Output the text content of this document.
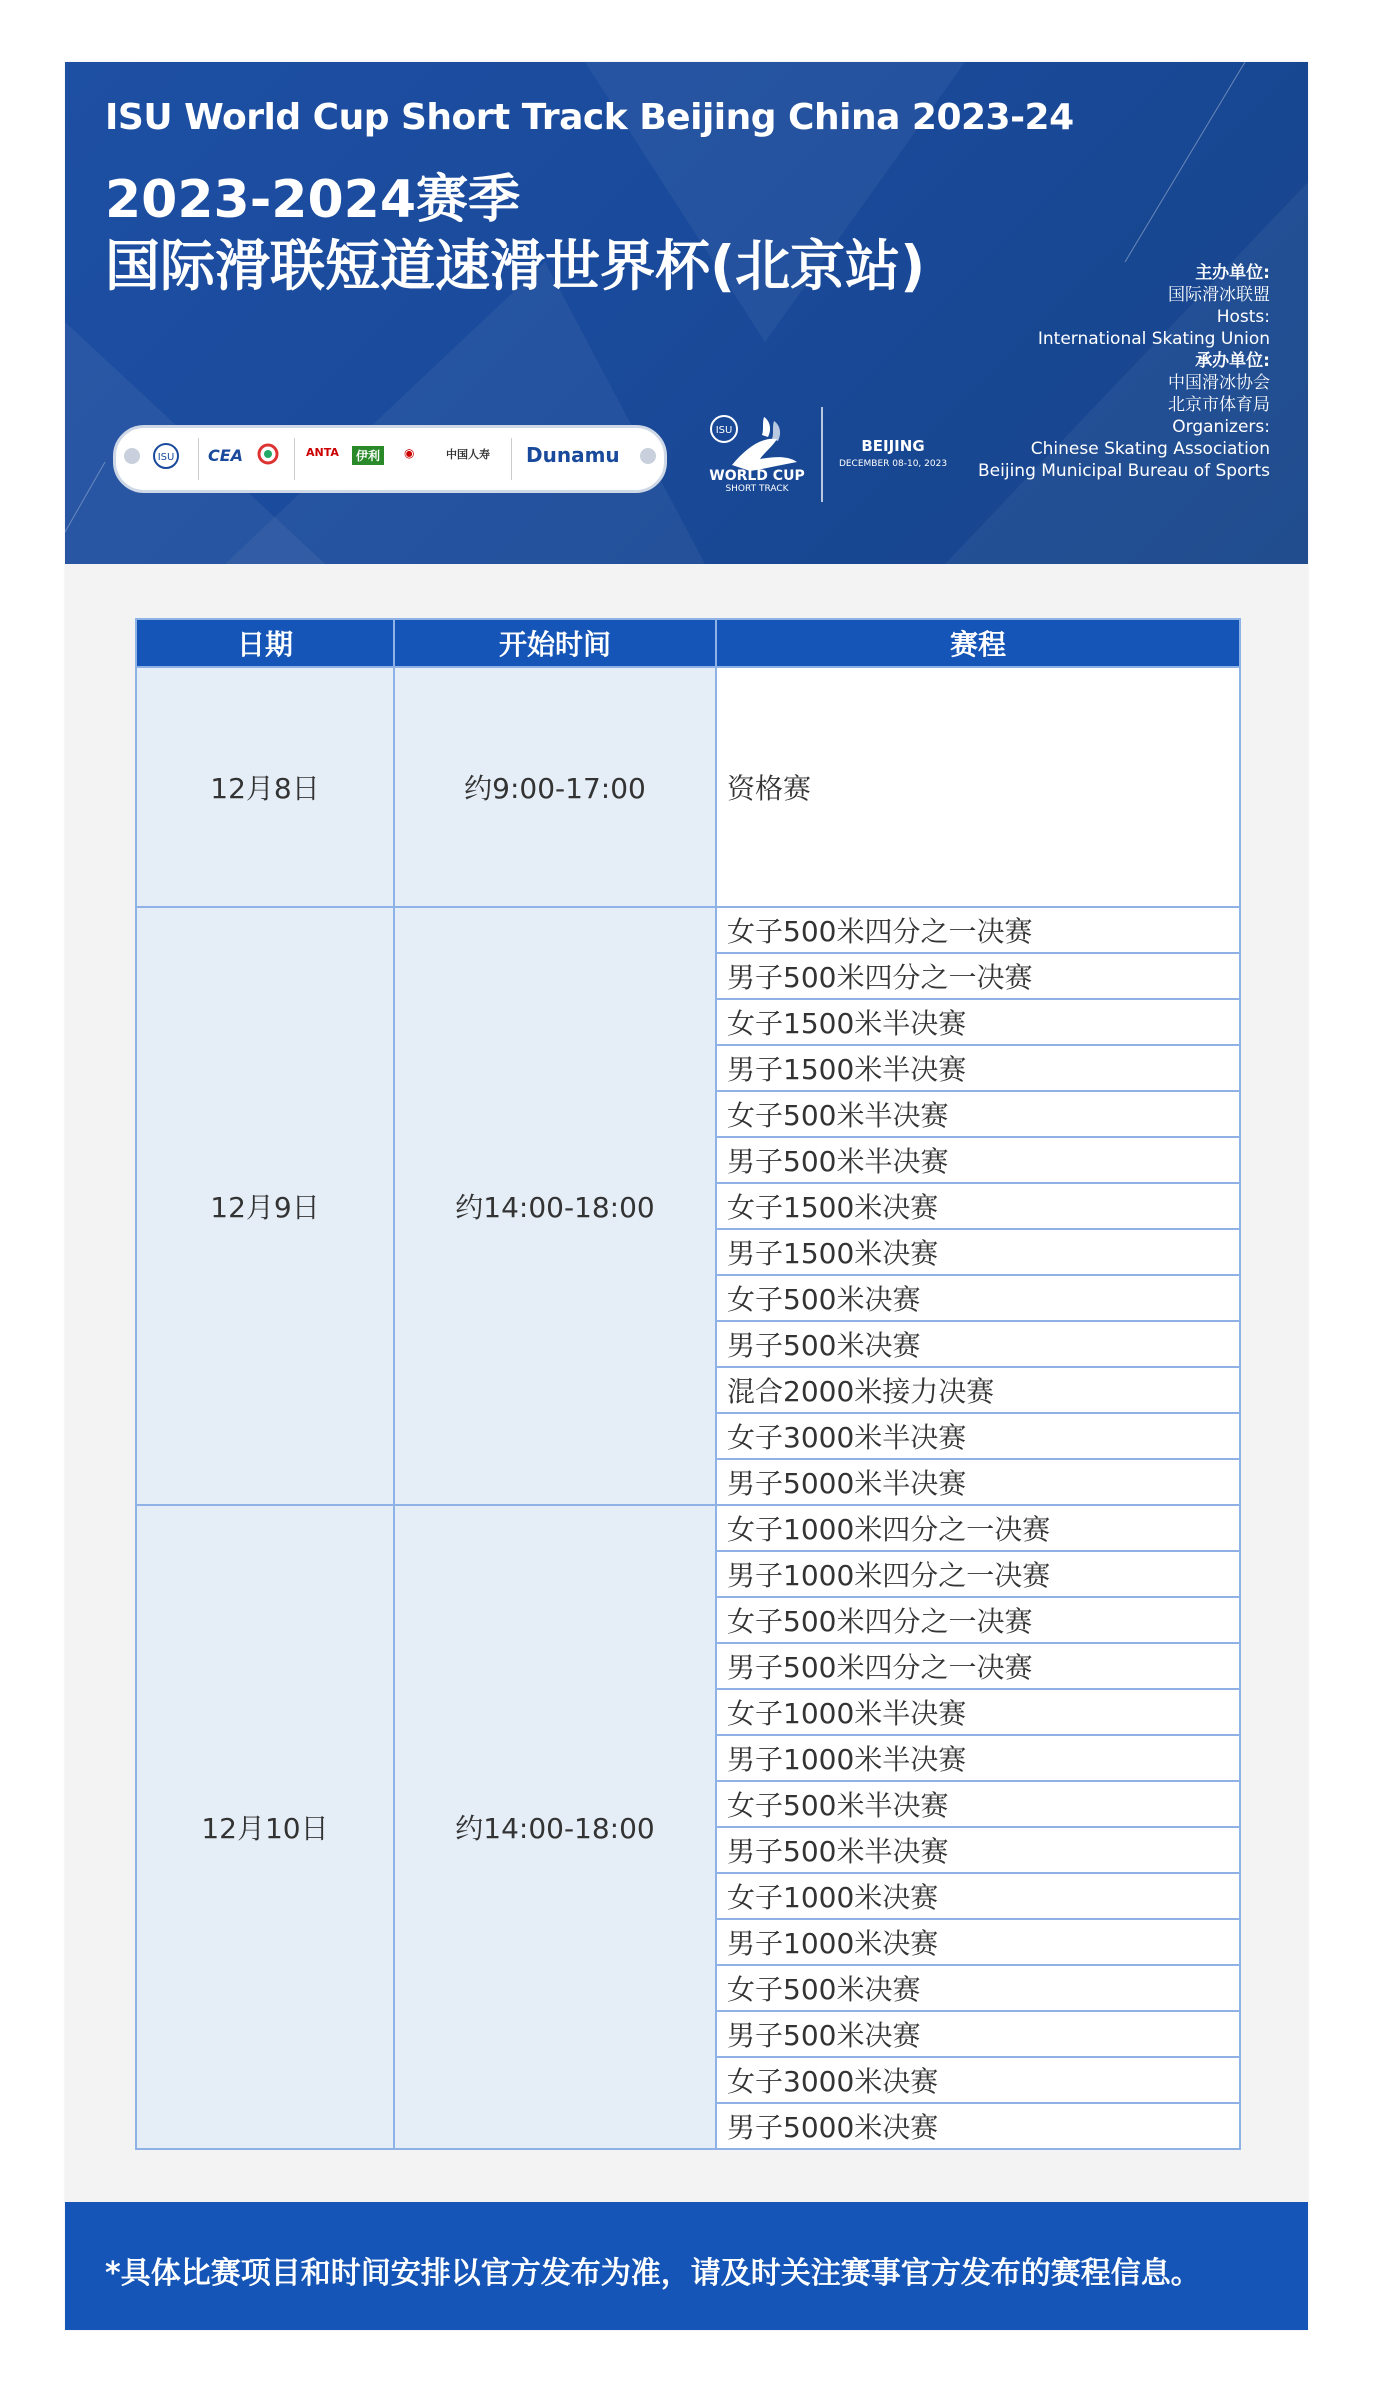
ISU World Cup Short Track Beijing China 2023-24
2023-2024赛季
国际滑联短道速滑世界杯(北京站)	主办单位:
国际滑冰联盟
Hosts:
International Skating Union
承办单位:
中国滑冰协会
北京市体育局
Organizers:
Chinese Skating Association
Beijing Municipal Bureau of Sports
ISU CEA	ANTA	伊利	◉	中国人寿 Dunamu
ISU
WORLD CUP
SHORT TRACK
BEIJING
DECEMBER 08-10, 2023
日期	开始时间	赛程
12月8日	约9:00-17:00	资格赛
12月9日	约14:00-18:00	女子500米四分之一决赛
		男子500米四分之一决赛
		女子1500米半决赛
		男子1500米半决赛
		女子500米半决赛
		男子500米半决赛
		女子1500米决赛
		男子1500米决赛
		女子500米决赛
		男子500米决赛
		混合2000米接力决赛
		女子3000米半决赛
		男子5000米半决赛
12月10日	约14:00-18:00	女子1000米四分之一决赛
		男子1000米四分之一决赛
		女子500米四分之一决赛
		男子500米四分之一决赛
		女子1000米半决赛
		男子1000米半决赛
		女子500米半决赛
		男子500米半决赛
		女子1000米决赛
		男子1000米决赛
		女子500米决赛
		男子500米决赛
		女子3000米决赛
		男子5000米决赛
*具体比赛项目和时间安排以官方发布为准，请及时关注赛事官方发布的赛程信息。
